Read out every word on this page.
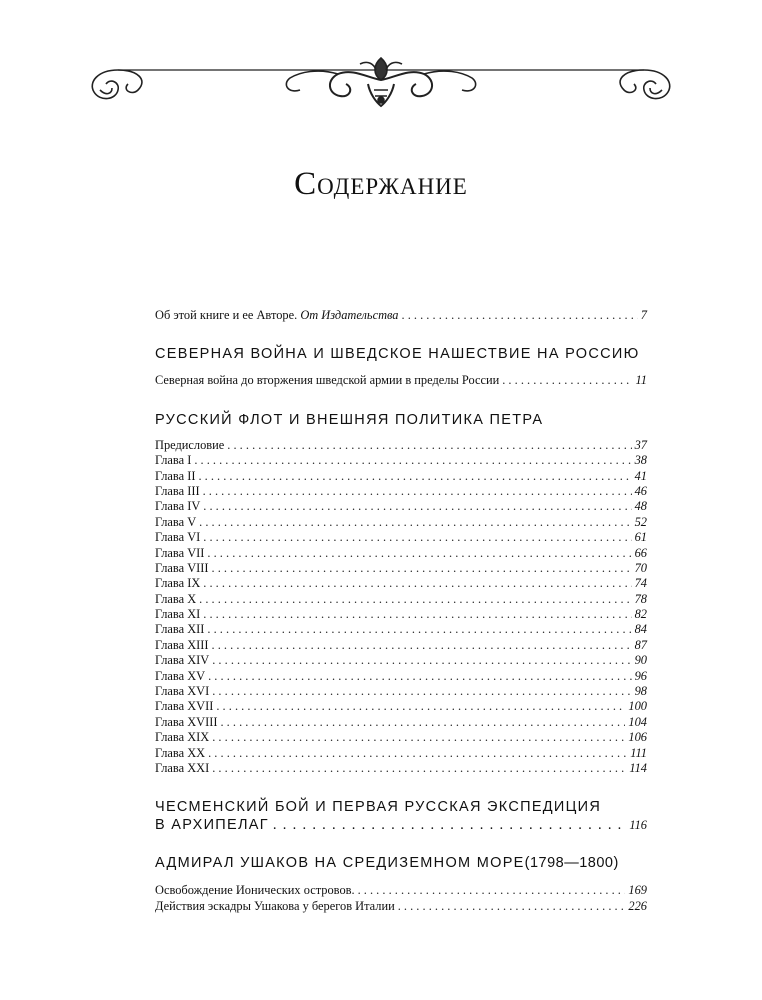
Содержание
Об этой книге и ее Авторе. От Издательства . . .	7
СЕВЕРНАЯ ВОЙНА И ШВЕДСКОЕ НАШЕСТВИЕ НА РОССИЮ
Северная война до вторжения шведской армии в пределы России . . .	11
РУССКИЙ ФЛОТ И ВНЕШНЯЯ ПОЛИТИКА ПЕТРА
Предисловие . . .	37
Глава I . . .	38
Глава II . . .	41
Глава III . . .	46
Глава IV . . .	48
Глава V . . .	52
Глава VI . . .	61
Глава VII . . .	66
Глава VIII . . .	70
Глава IX . . .	74
Глава X . . .	78
Глава XI . . .	82
Глава XII . . .	84
Глава XIII . . .	87
Глава XIV . . .	90
Глава XV . . .	96
Глава XVI . . .	98
Глава XVII . . .	100
Глава XVIII . . .	104
Глава XIX . . .	106
Глава XX . . .	111
Глава XXI . . .	114
ЧЕСМЕНСКИЙ БОЙ И ПЕРВАЯ РУССКАЯ ЭКСПЕДИЦИЯ
В АРХИПЕЛАГ . . .	116
АДМИРАЛ УШАКОВ НА СРЕДИЗЕМНОМ МОРЕ(1798—1800)
Освобождение Ионических островов. . . .	169
Действия эскадры Ушакова у берегов Италии . . .	226
